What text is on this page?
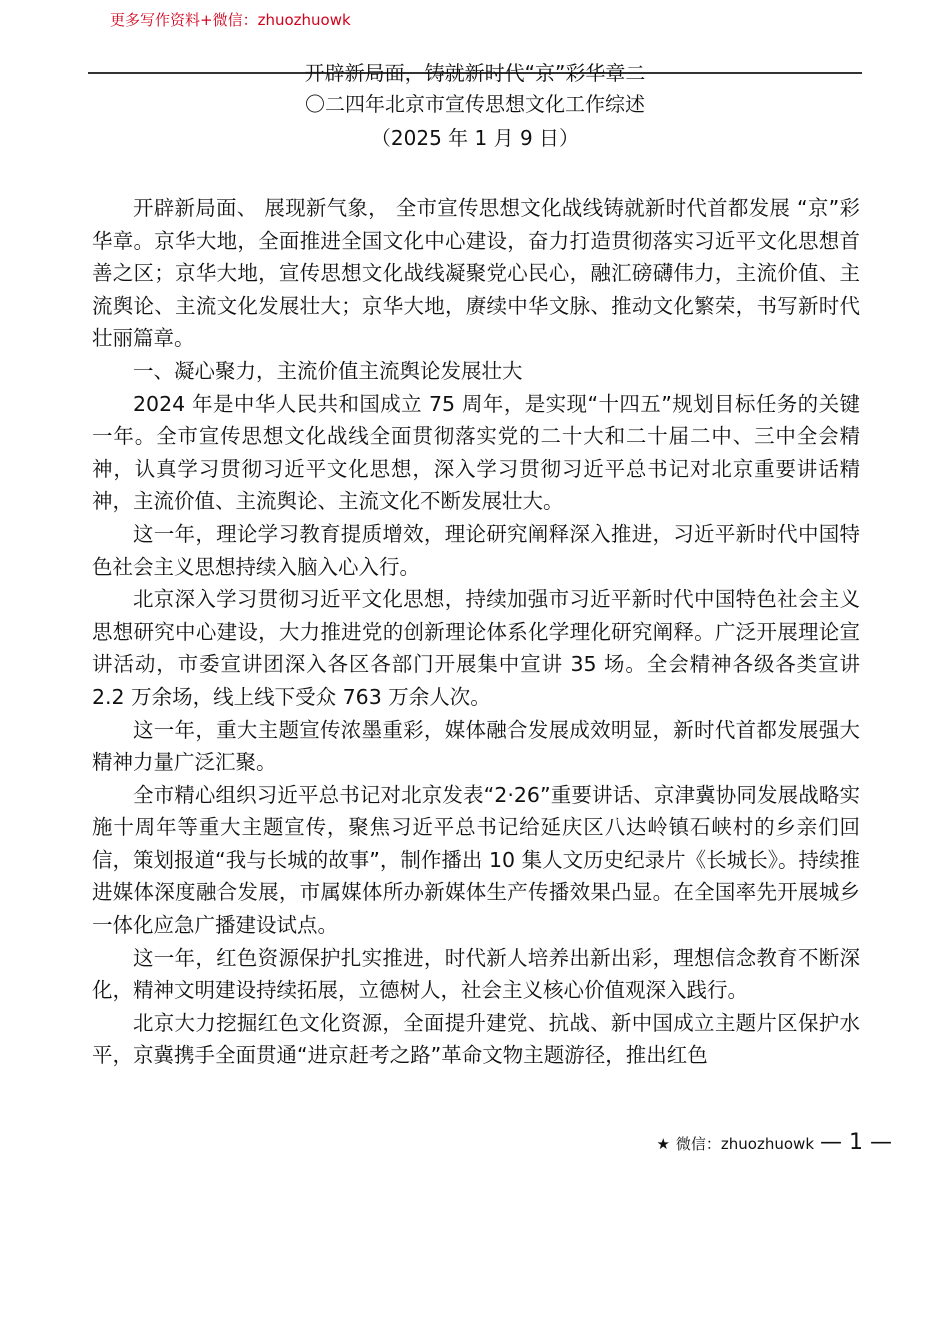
更多写作资料+微信：zhuozhuowk
开辟新局面，铸就新时代“京”彩华章二
〇二四年北京市宣传思想文化工作综述
（2025 年 1 月 9 日）

开辟新局面、 展现新气象， 全市宣传思想文化战线铸就新时代首都发展 “京”彩华章。京华大地，全面推进全国文化中心建设，奋力打造贯彻落实习近平文化思想首善之区；京华大地，宣传思想文化战线凝聚党心民心，融汇磅礴伟力，主流价值、主流舆论、主流文化发展壮大；京华大地，赓续中华文脉、推动文化繁荣，书写新时代壮丽篇章。

一、凝心聚力，主流价值主流舆论发展壮大

2024 年是中华人民共和国成立 75 周年，是实现“十四五”规划目标任务的关键一年。全市宣传思想文化战线全面贯彻落实党的二十大和二十届二中、三中全会精神，认真学习贯彻习近平文化思想，深入学习贯彻习近平总书记对北京重要讲话精神，主流价值、主流舆论、主流文化不断发展壮大。

这一年，理论学习教育提质增效，理论研究阐释深入推进，习近平新时代中国特色社会主义思想持续入脑入心入行。

北京深入学习贯彻习近平文化思想，持续加强市习近平新时代中国特色社会主义思想研究中心建设，大力推进党的创新理论体系化学理化研究阐释。广泛开展理论宣讲活动，市委宣讲团深入各区各部门开展集中宣讲 35 场。全会精神各级各类宣讲 2.2 万余场，线上线下受众 763 万余人次。

这一年，重大主题宣传浓墨重彩，媒体融合发展成效明显，新时代首都发展强大精神力量广泛汇聚。

全市精心组织习近平总书记对北京发表“2·26”重要讲话、京津冀协同发展战略实施十周年等重大主题宣传，聚焦习近平总书记给延庆区八达岭镇石峡村的乡亲们回信，策划报道“我与长城的故事”，制作播出 10 集人文历史纪录片《长城长》。持续推进媒体深度融合发展，市属媒体所办新媒体生产传播效果凸显。在全国率先开展城乡一体化应急广播建设试点。

这一年，红色资源保护扎实推进，时代新人培养出新出彩，理想信念教育不断深化，精神文明建设持续拓展，立德树人，社会主义核心价值观深入践行。

北京大力挖掘红色文化资源，全面提升建党、抗战、新中国成立主题片区保护水平，京冀携手全面贯通“进京赶考之路”革命文物主题游径，推出红色

★ 微信：zhuozhuowk — 1 —
